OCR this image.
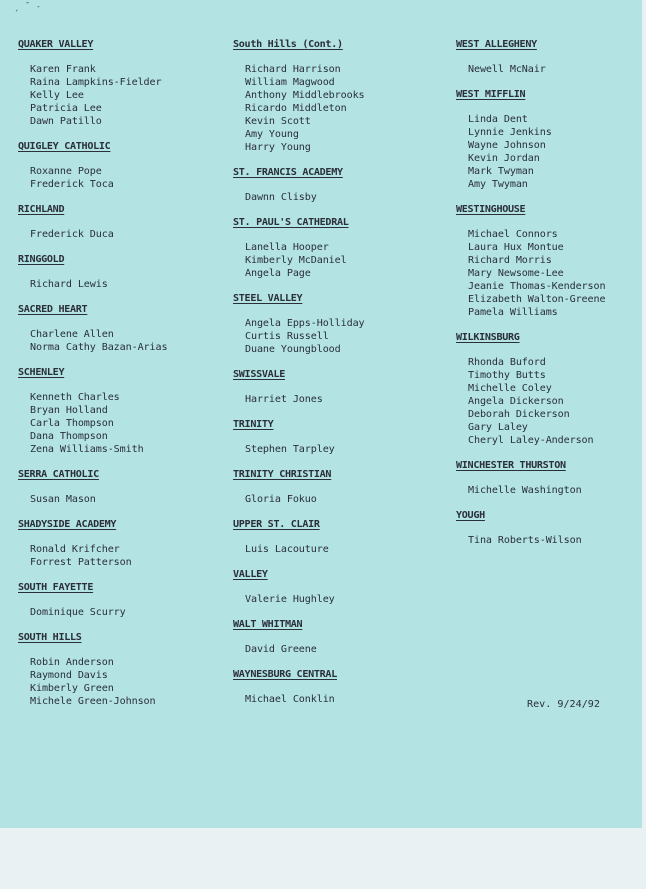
ˏ ˉ ˗
QUAKER VALLEY
Karen Frank
Raina Lampkins-Fielder
Kelly Lee
Patricia Lee
Dawn Patillo
QUIGLEY CATHOLIC
Roxanne Pope
Frederick Toca
RICHLAND
Frederick Duca
RINGGOLD
Richard Lewis
SACRED HEART
Charlene Allen
Norma Cathy Bazan-Arias
SCHENLEY
Kenneth Charles
Bryan Holland
Carla Thompson
Dana Thompson
Zena Williams-Smith
SERRA CATHOLIC
Susan Mason
SHADYSIDE ACADEMY
Ronald Krifcher
Forrest Patterson
SOUTH FAYETTE
Dominique Scurry
SOUTH HILLS
Robin Anderson
Raymond Davis
Kimberly Green
Michele Green-Johnson
South Hills (Cont.)
Richard Harrison
William Magwood
Anthony Middlebrooks
Ricardo Middleton
Kevin Scott
Amy Young
Harry Young
ST. FRANCIS ACADEMY
Dawnn Clisby
ST. PAUL'S CATHEDRAL
Lanella Hooper
Kimberly McDaniel
Angela Page
STEEL VALLEY
Angela Epps-Holliday
Curtis Russell
Duane Youngblood
SWISSVALE
Harriet Jones
TRINITY
Stephen Tarpley
TRINITY CHRISTIAN
Gloria Fokuo
UPPER ST. CLAIR
Luis Lacouture
VALLEY
Valerie Hughley
WALT WHITMAN
David Greene
WAYNESBURG CENTRAL
Michael Conklin
WEST ALLEGHENY
Newell McNair
WEST MIFFLIN
Linda Dent
Lynnie Jenkins
Wayne Johnson
Kevin Jordan
Mark Twyman
Amy Twyman
WESTINGHOUSE
Michael Connors
Laura Hux Montue
Richard Morris
Mary Newsome-Lee
Jeanie Thomas-Kenderson
Elizabeth Walton-Greene
Pamela Williams
WILKINSBURG
Rhonda Buford
Timothy Butts
Michelle Coley
Angela Dickerson
Deborah Dickerson
Gary Laley
Cheryl Laley-Anderson
WINCHESTER THURSTON
Michelle Washington
YOUGH
Tina Roberts-Wilson
Rev. 9/24/92
